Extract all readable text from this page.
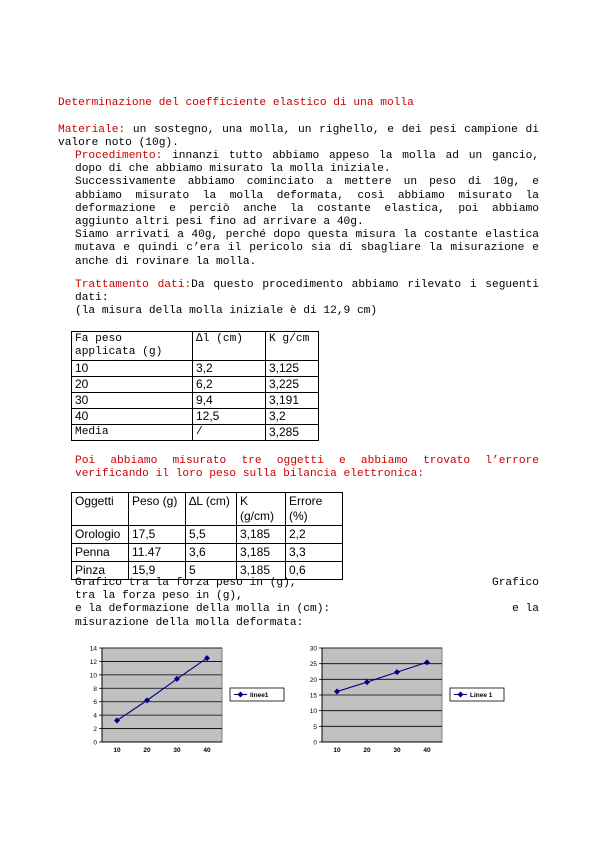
Determinazione del coefficiente elastico di una molla
Materiale: un sostegno, una molla, un righello, e dei pesi campione di valore noto (10g).
Procedimento: innanzi tutto abbiamo appeso la molla ad un gancio, dopo di che abbiamo misurato la molla iniziale.
Successivamente abbiamo cominciato a mettere un peso di 10g, e abbiamo misurato la molla deformata, così abbiamo misurato la deformazione e perciò anche la costante elastica, poi abbiamo aggiunto altri pesi fino ad arrivare a 40g.
Siamo arrivati a 40g, perché dopo questa misura la costante elastica mutava e quindi c’era il pericolo sia di sbagliare la misurazione e anche di rovinare la molla.
Trattamento dati:Da questo procedimento abbiamo rilevato i seguenti dati:
(la misura della molla iniziale è di 12,9 cm)
Fa peso applicata (g)	∆l (cm)	K g/cm
10	3,2	3,125
20	6,2	3,225
30	9,4	3,191
40	12,5	3,2
Media	/	3,285
Poi abbiamo misurato tre oggetti e abbiamo trovato l’errore verificando il loro peso sulla bilancia elettronica:
Oggetti	Peso (g)	∆L (cm)	K (g/cm)	Errore (%)
Orologio	17,5	5,5	3,185	2,2
Penna	11.47	3,6	3,185	3,3
Pinza	15,9	5	3,185	0,6
Grafico tra la forza peso in (g),	Grafico
tra la forza peso in (g),
e la deformazione della molla in (cm):	e la
misurazione della molla deformata:
0
2
4
6
8
10
12
14
10	20	30	40
linee1
0
5
10
15
20
25
30
10	20	30	40
Linee 1
